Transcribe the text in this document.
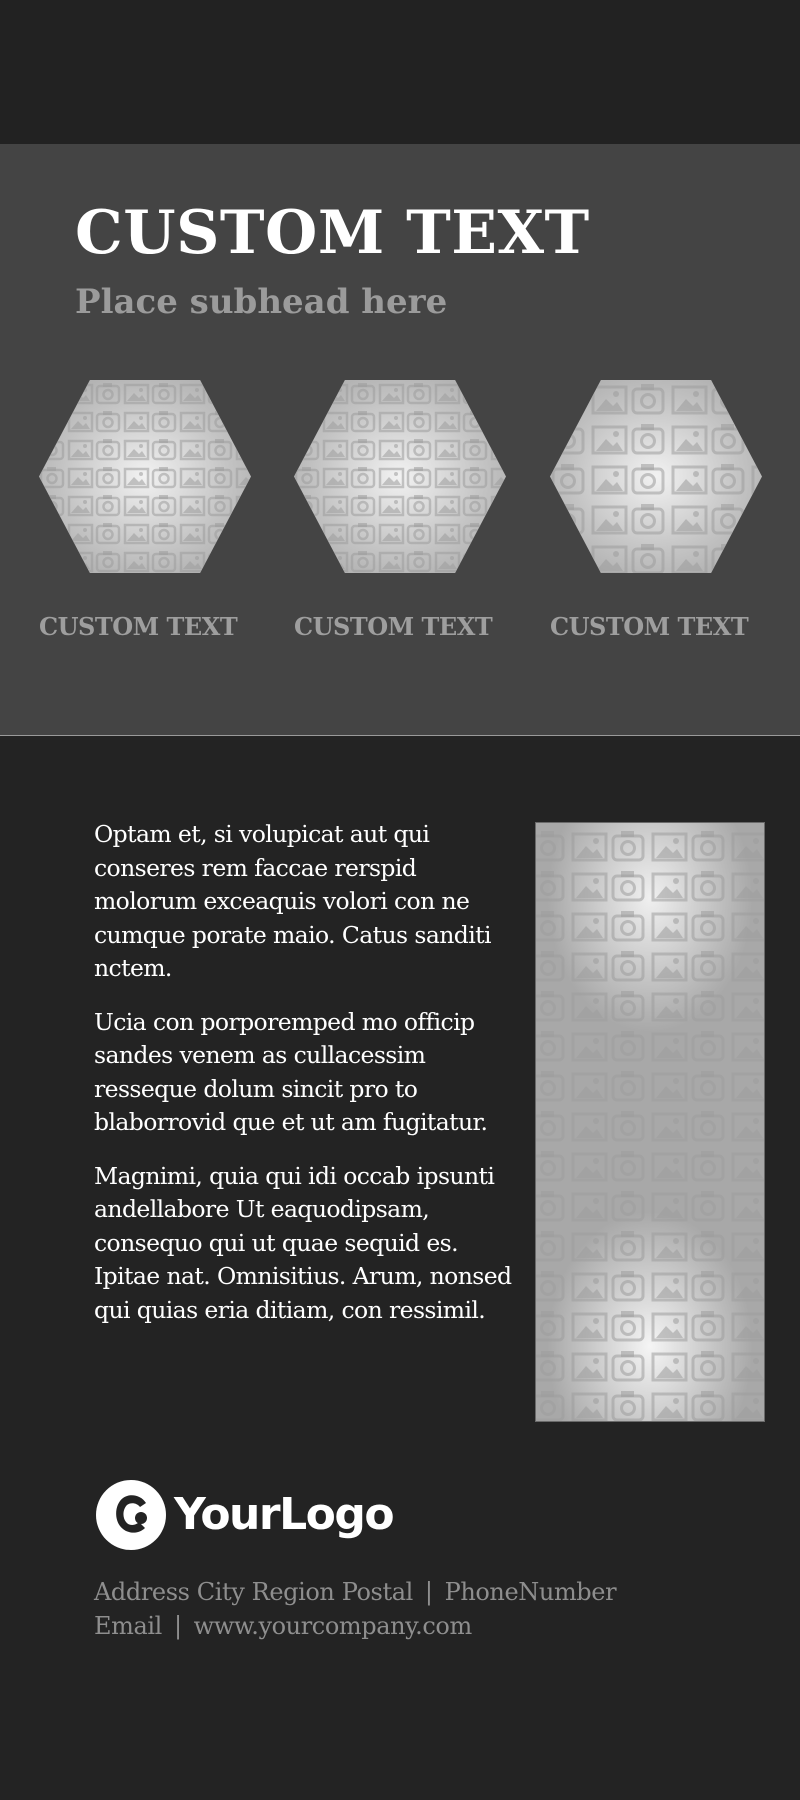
CUSTOM TEXT
Place subhead here

CUSTOM TEXT	CUSTOM TEXT	CUSTOM TEXT

Optam et, si volupicat aut qui conseres rem faccae rerspid molorum exceaquis volori con ne cumque porate maio. Catus sanditi nctem.

Ucia con porporemped mo officip sandes venem as cullacessim resseque dolum sincit pro to blaborrovid que et ut am fugitatur.

Magnimi, quia qui idi occab ipsunti andellabore Ut eaquodipsam, consequo qui ut quae sequid es. Ipitae nat. Omnisitius. Arum, nonsed qui quias eria ditiam, con ressimil.

YourLogo
Address City Region Postal | PhoneNumber
Email | www.yourcompany.com
